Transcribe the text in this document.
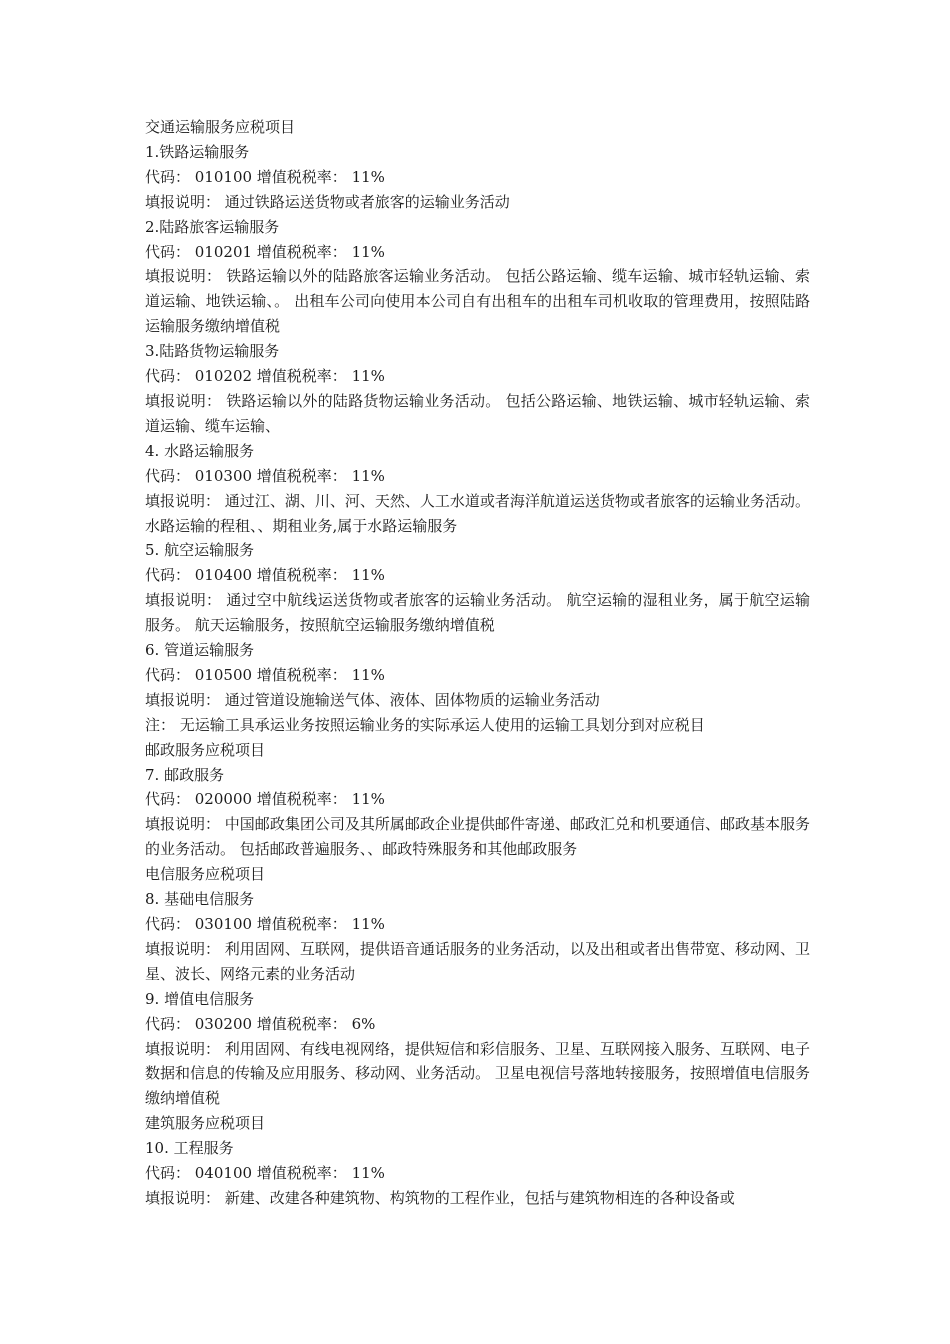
交通运输服务应税项目
1.铁路运输服务
代码： 010100 增值税税率： 11%
填报说明： 通过铁路运送货物或者旅客的运输业务活动
2.陆路旅客运输服务
代码： 010201 增值税税率： 11%
填报说明： 铁路运输以外的陆路旅客运输业务活动。 包括公路运输、缆车运输、城市轻轨运输、索道运输、地铁运输、。 出租车公司向使用本公司自有出租车的出租车司机收取的管理费用，按照陆路运输服务缴纳增值税
3.陆路货物运输服务
代码： 010202 增值税税率： 11%
填报说明： 铁路运输以外的陆路货物运输业务活动。 包括公路运输、地铁运输、城市轻轨运输、索道运输、缆车运输、
4. 水路运输服务
代码： 010300 增值税税率： 11%
填报说明： 通过江、湖、川、河、天然、人工水道或者海洋航道运送货物或者旅客的运输业务活动。 水路运输的程租、、期租业务,属于水路运输服务
5. 航空运输服务
代码： 010400 增值税税率： 11%
填报说明： 通过空中航线运送货物或者旅客的运输业务活动。 航空运输的湿租业务，属于航空运输服务。 航天运输服务，按照航空运输服务缴纳增值税
6. 管道运输服务
代码： 010500 增值税税率： 11%
填报说明： 通过管道设施输送气体、液体、固体物质的运输业务活动
注： 无运输工具承运业务按照运输业务的实际承运人使用的运输工具划分到对应税目
邮政服务应税项目
7. 邮政服务
代码： 020000 增值税税率： 11%
填报说明： 中国邮政集团公司及其所属邮政企业提供邮件寄递、邮政汇兑和机要通信、邮政基本服务的业务活动。 包括邮政普遍服务、、邮政特殊服务和其他邮政服务
电信服务应税项目
8. 基础电信服务
代码： 030100 增值税税率： 11%
填报说明： 利用固网、互联网，提供语音通话服务的业务活动，以及出租或者出售带宽、移动网、卫星、波长、网络元素的业务活动
9. 增值电信服务
代码： 030200 增值税税率： 6%
填报说明： 利用固网、有线电视网络，提供短信和彩信服务、卫星、互联网接入服务、互联网、电子数据和信息的传输及应用服务、移动网、业务活动。 卫星电视信号落地转接服务，按照增值电信服务缴纳增值税
建筑服务应税项目
10. 工程服务
代码： 040100 增值税税率： 11%
填报说明： 新建、改建各种建筑物、构筑物的工程作业，包括与建筑物相连的各种设备或
